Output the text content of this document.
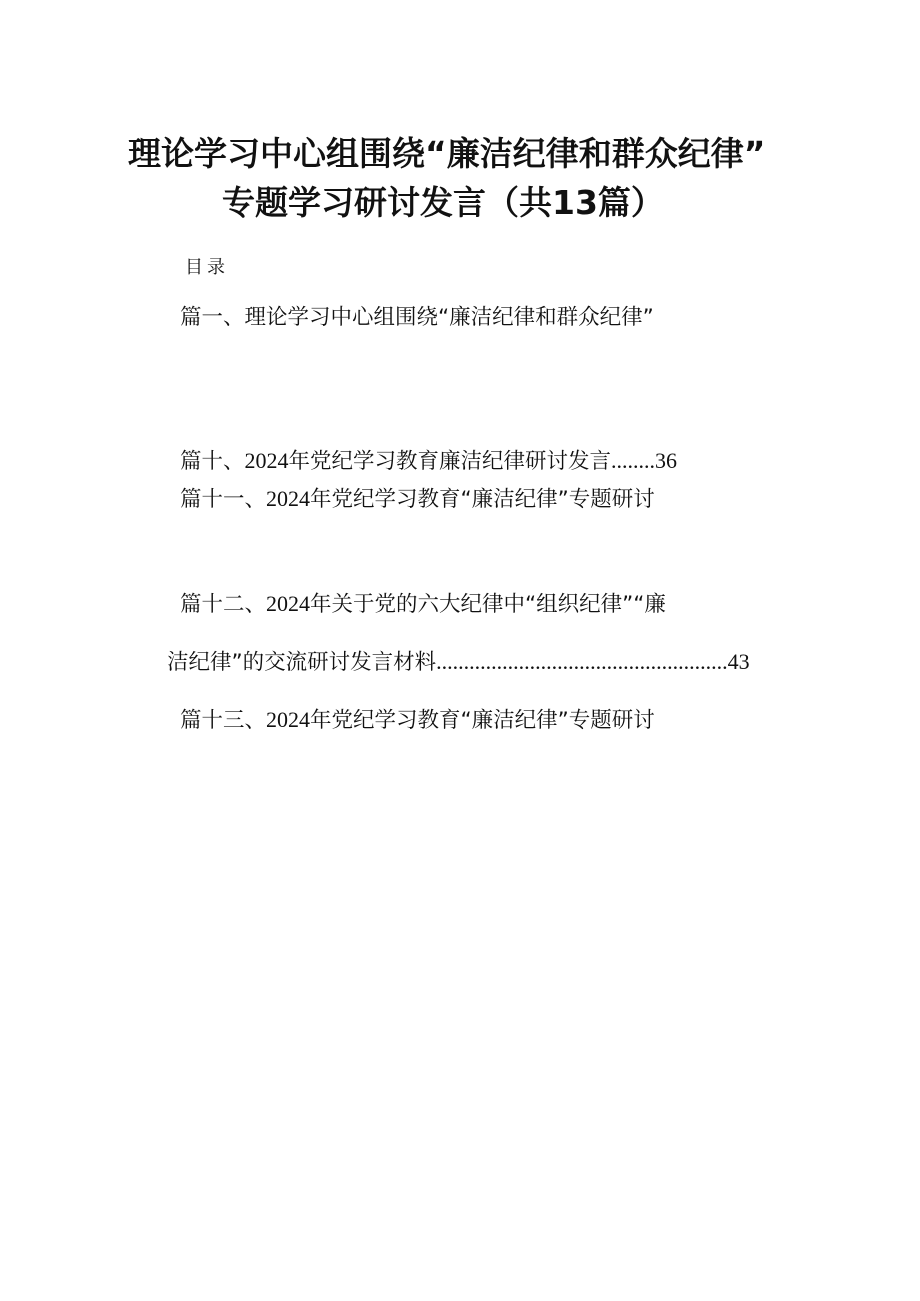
理论学习中心组围绕“廉洁纪律和群众纪律”
专题学习研讨发言（共13篇）
目录
篇一、理论学习中心组围绕“廉洁纪律和群众纪律”
篇十、2024年党纪学习教育廉洁纪律研讨发言........36
篇十一、2024年党纪学习教育“廉洁纪律”专题研讨
篇十二、2024年关于党的六大纪律中“组织纪律”“廉
洁纪律”的交流研讨发言材料.....................................................43
篇十三、2024年党纪学习教育“廉洁纪律”专题研讨
